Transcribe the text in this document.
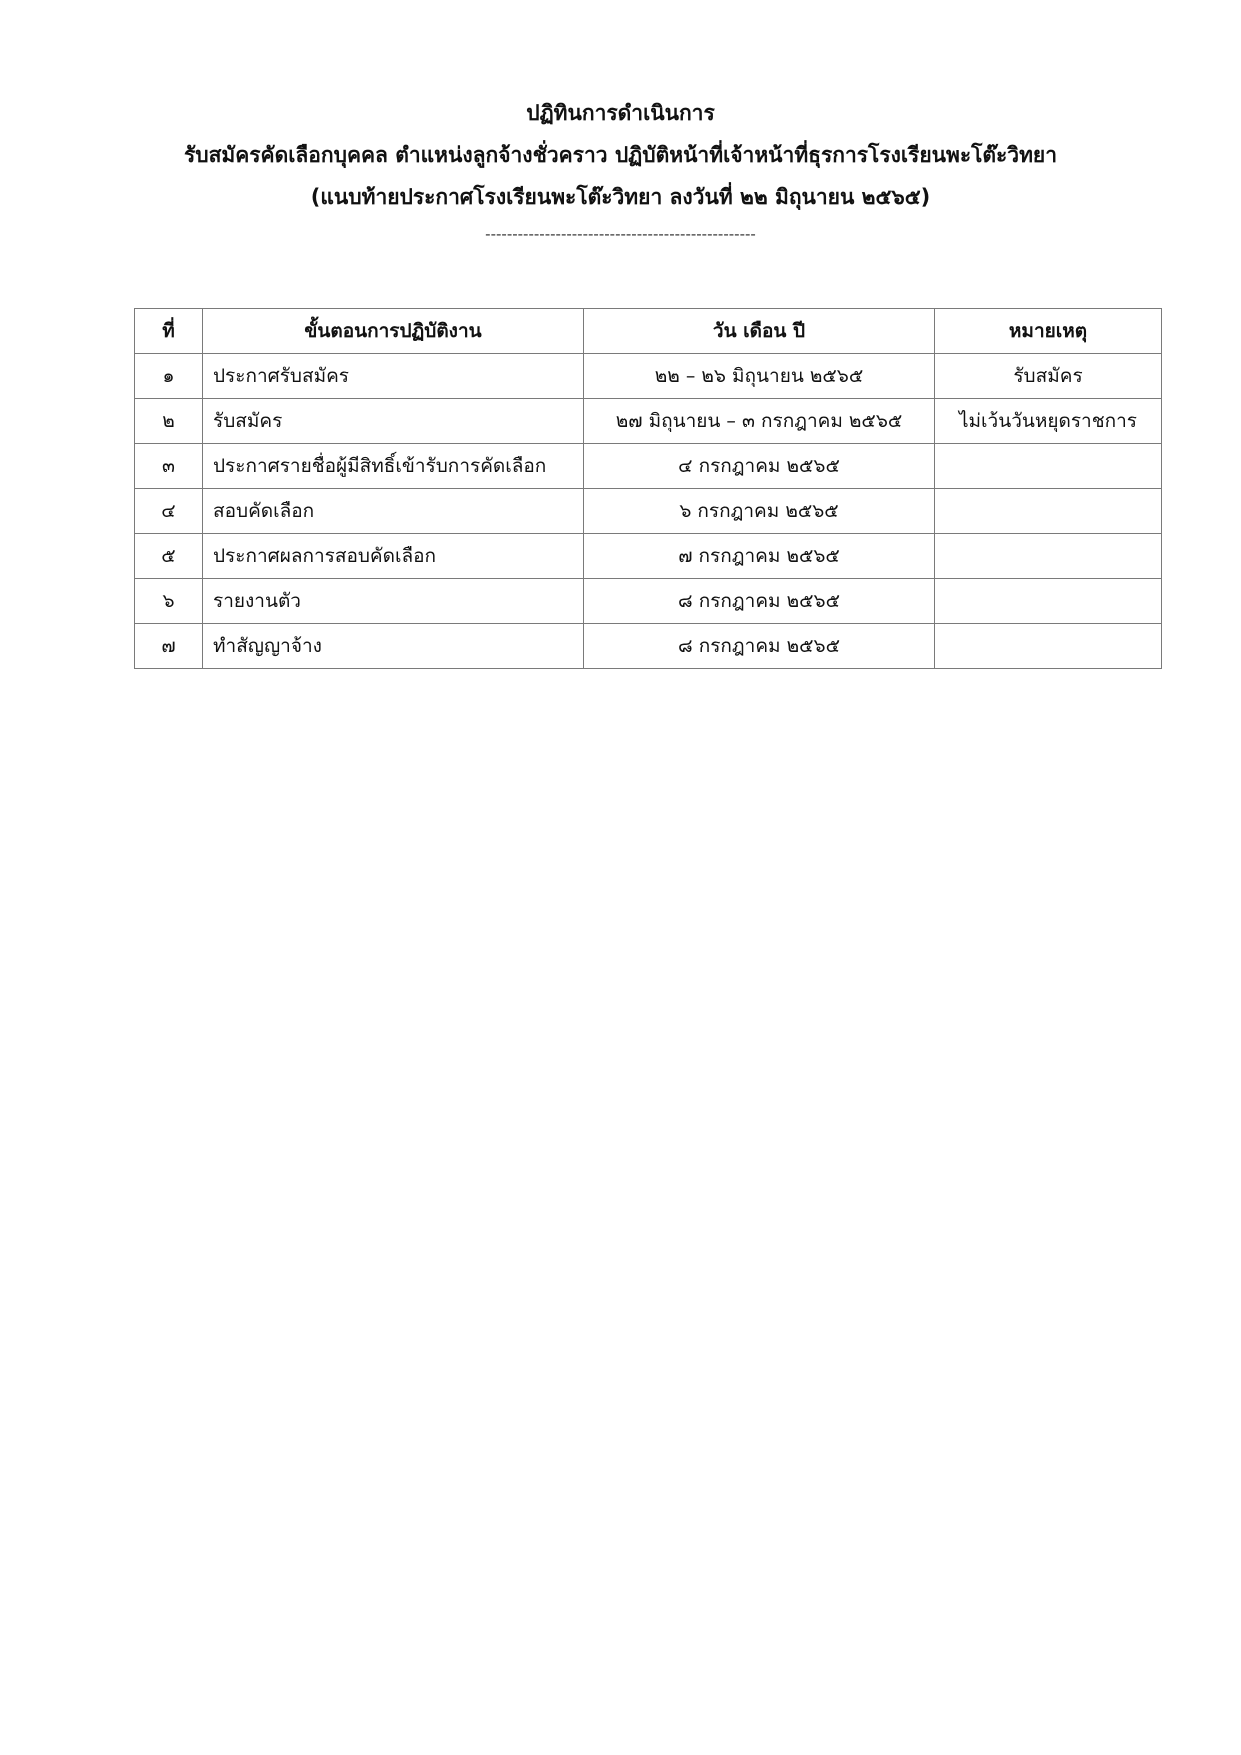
ปฏิทินการดำเนินการ
รับสมัครคัดเลือกบุคคล ตำแหน่งลูกจ้างชั่วคราว ปฏิบัติหน้าที่เจ้าหน้าที่ธุรการโรงเรียนพะโต๊ะวิทยา
(แนบท้ายประกาศโรงเรียนพะโต๊ะวิทยา ลงวันที่ ๒๒ มิถุนายน ๒๕๖๕)
--------------------------------------------------
ที่	ขั้นตอนการปฏิบัติงาน	วัน เดือน ปี	หมายเหตุ
๑	ประกาศรับสมัคร	๒๒ – ๒๖ มิถุนายน ๒๕๖๕	รับสมัคร
๒	รับสมัคร	๒๗ มิถุนายน – ๓ กรกฎาคม ๒๕๖๕	ไม่เว้นวันหยุดราชการ
๓	ประกาศรายชื่อผู้มีสิทธิ์เข้ารับการคัดเลือก	๔ กรกฎาคม ๒๕๖๕	
๔	สอบคัดเลือก	๖ กรกฎาคม ๒๕๖๕	
๕	ประกาศผลการสอบคัดเลือก	๗ กรกฎาคม ๒๕๖๕	
๖	รายงานตัว	๘ กรกฎาคม ๒๕๖๕	
๗	ทำสัญญาจ้าง	๘ กรกฎาคม ๒๕๖๕	
